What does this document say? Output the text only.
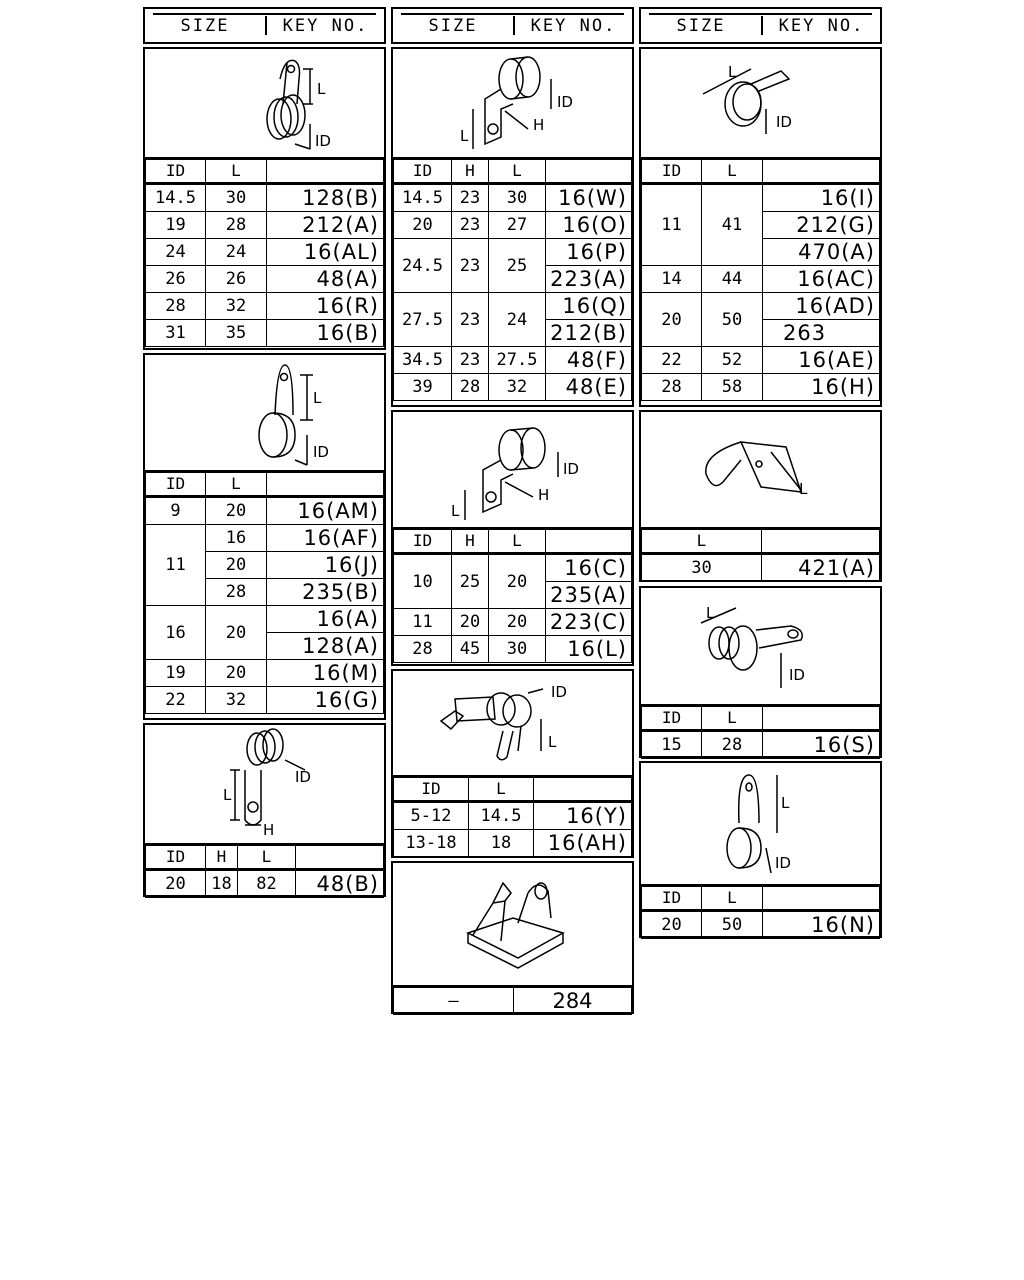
SIZE	KEY NO.
L
ID
ID	L	
14.5	30	128(B)
19	28	212(A)
24	24	16(AL)
26	26	48(A)
28	32	16(R)
31	35	16(B)
L
ID
ID	L	
9	20	16(AM)
11	16	16(AF)
	20	16(J)
	28	235(B)
16	20	16(A)
		128(A)
19	20	16(M)
22	32	16(G)
L
ID
H
ID	H	L	
20	18	82	48(B)
SIZE	KEY NO.
L
H
ID
ID	H	L	
14.5	23	30	16(W)
20	23	27	16(O)
24.5	23	25	16(P)
			223(A)
27.5	23	24	16(Q)
			212(B)
34.5	23	27.5	48(F)
39	28	32	48(E)
L
H
ID
ID	H	L	
10	25	20	16(C)
			235(A)
11	20	20	223(C)
28	45	30	16(L)
ID
L
ID	L	
5-12	14.5	16(Y)
13-18	18	16(AH)
—	284
SIZE	KEY NO.
L
ID
ID	L	
11	41	16(I)
		212(G)
		470(A)
14	44	16(AC)
20	50	16(AD)
		263
22	52	16(AE)
28	58	16(H)
L
L	
30	421(A)
L
ID
ID	L	
15	28	16(S)
L
ID
ID	L	
20	50	16(N)
